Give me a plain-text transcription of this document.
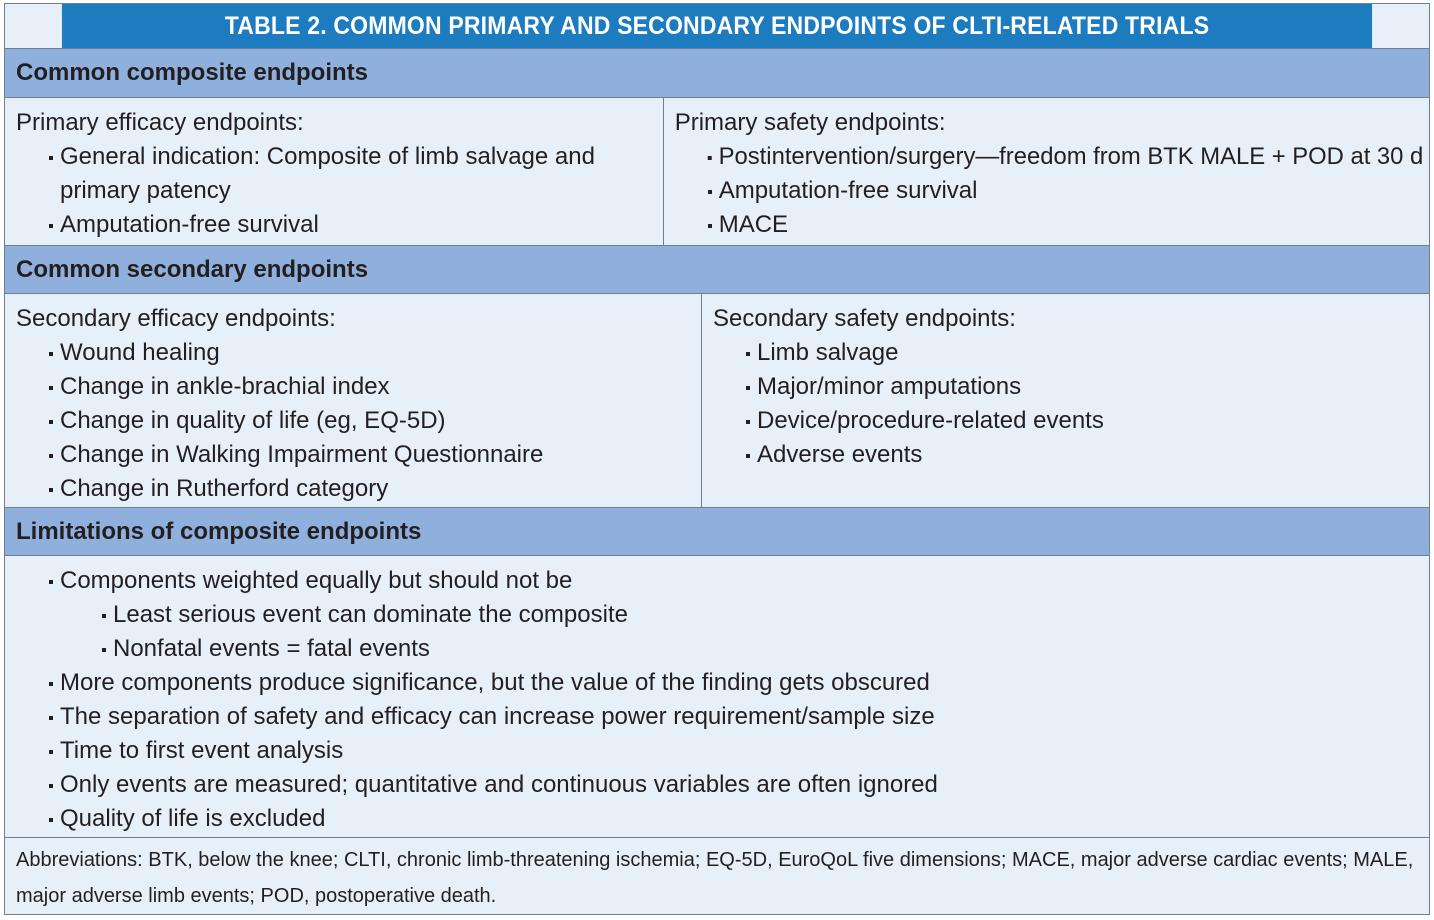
TABLE 2. COMMON PRIMARY AND SECONDARY ENDPOINTS OF CLTI-RELATED TRIALS
Common composite endpoints
Primary efficacy endpoints:
General indication: Composite of limb salvage and primary patency
Amputation-free survival
Primary safety endpoints:
Postintervention/surgery—freedom from BTK MALE + POD at 30 d
Amputation-free survival
MACE
Common secondary endpoints
Secondary efficacy endpoints:
Wound healing
Change in ankle-brachial index
Change in quality of life (eg, EQ-5D)
Change in Walking Impairment Questionnaire
Change in Rutherford category
Secondary safety endpoints:
Limb salvage
Major/minor amputations
Device/procedure-related events
Adverse events
Limitations of composite endpoints
Components weighted equally but should not be
Least serious event can dominate the composite
Nonfatal events = fatal events
More components produce significance, but the value of the finding gets obscured
The separation of safety and efficacy can increase power requirement/sample size
Time to first event analysis
Only events are measured; quantitative and continuous variables are often ignored
Quality of life is excluded
Abbreviations: BTK, below the knee; CLTI, chronic limb-threatening ischemia; EQ-5D, EuroQoL five dimensions; MACE, major adverse cardiac events; MALE, major adverse limb events; POD, postoperative death.
